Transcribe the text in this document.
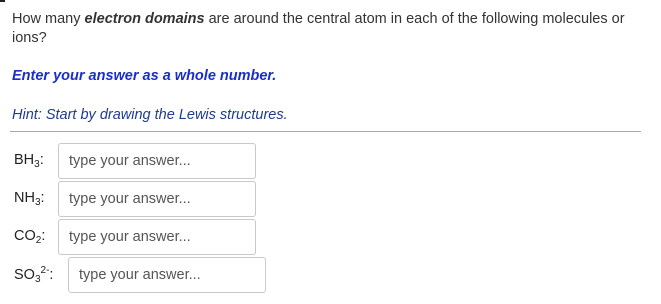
How many electron domains are around the central atom in each of the following molecules or ions?
Enter your answer as a whole number.
Hint: Start by drawing the Lewis structures.
$BH_3$:
type your answer...
$NH_3$:
type your answer...
$CO_2$:
type your answer...
$SO_3^{2-}$:
type your answer...
